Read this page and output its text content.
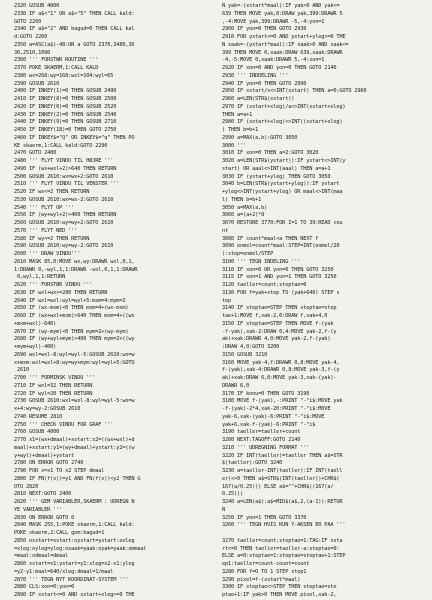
2320 GOSUB 4000
2330 IF a$<"1" OR a$>"5" THEN CALL kald:
GOTO 2260
2340 IF a$="2" AND bagud=0 THEN CALL kal
d:GOTO 2260
2350 a=ASC(a$)-48:ON a GOTO 2370,3480,36
30,2510,1090
2360 ''' FORSTWR ROUTINE '''
2370 POKE SKAERM,1:CALL KALD
2380 wx=268:wy=168:wxl=104:wyl=65
2390 GOSUB 2610
2400 IF INKEY(1)=0 THEN GOSUB 2490
2410 IF INKEY(8)=0 THEN GOSUB 2500
2420 IF INKEY(0)=0 THEN GOSUB 2520
2430 IF INKEY(2)=0 THEN GOSUB 2540
2440 IF INKEY(9)=0 THEN GOSUB 2710
2450 IF INKEY(18)=0 THEN GOTO 2750
2460 IF INKEY$="Q" OR INKEY$="q" THEN PO
KE skaerm,1:CALL kald:GOTO 2290
2470 GOTO 2400
2480 ''' FLYT VINDU TIL HØJRE '''
2490 IF (wx+wxl+2)>640 THEN RETURN
2500 GOSUB 2610:wx=wx+2:GOTO 2610
2510 ''' FLYT VINDU TIL VENSTER '''
2520 IF wx<=2 THEN RETURN
2530 GOSUB 2610:wx=wx-2:GOTO 2610
2540 ''' FLYT OP '''
2550 IF (wy+wyl+2)>400 THEN RETURN
2560 GOSUB 2610:wy=wy+2:GOTO 2610
2570 ''' FLYT NED '''
2580 IF wy<=2 THEN RETURN
2590 GOSUB 2610:wy=wy-2:GOTO 2610
2600 ''' DRAW VINDU'''
2610 MASK 85,0:MOVE wx,wy:DRAWR wxl,0,1,
1:DRAWR 0,-wyl,1,1:DRAWR -wxl,0,1,1:DRAWR
0,wyl,1,1:RETURN
2620 ''' FORSTØR VINDU '''
2630 IF wxl+wx>=280 THEN RETURN
2640 IF wxl=wxl:wyl=wyl+5:mxm=4:mym=2
2650 IF (wx-mxm)<0 THEN mxm=4+(wx-mxm)
2660 IF (wx+wxl+mxm)>640 THEN mxm=4+((wx
+mxm+wxl)-640)
2670 IF (wy-mym)<0 THEN mym=2+(wy-mym)
2680 IF (wy+wyl+mym)>400 THEN mym=2+((wy
+mym+wyl)-400)
2690 wxl=wxl-8:wyl=wyl-5:GOSUB 2610:wx=w
x+mxm:wxl=wxl+8:wy=wy+mym:wyl=wyl+5:GOTO
2610
2700 ''' FORMINSK VINDU '''
2710 IF wxl=32 THEN RETURN
2720 IF wyl=20 THEN RETURN
2730 GOSUB 2610:wxl=wxl-8:wyl=wyl-5:wx=w
x+4:wy=wy-2:GOSUB 2610
2740 RESUME 2810
2750 ''' CHECK VINDU FOR GRAF '''
2760 GOSUB 4000
2770 x1=(wx+dmaal)+xstart:x2=((wx+wxl)+d
maal)+xstart:y1=(wy+dmaal)+ystart:y2=((w
y+wyl)+dmaal)+ystart
2780 ON ERROR GOTO 2740
2790 FOR x=x1 TO x2 STEP dmaal
2800 IF FN(f(x))=y1 AND FN(f(x))<y2 THEN G
OTO 2820
2810 NEXT:GOTO 2400
2820 ''' GEM VARIABLER,SKAERM : UDREGN N
YE VARIABLER '''
2830 ON ERROR GOTO 0
2840 MASK 255,1:POKE skaerm,1:CALL kald:
POKE skaerm,2:CALL gem:bagud=1
2850 oxstart=xstart:oystart=ystart:oxleg
=xleg:oyleg=yleg:oxaak=yaak:oyak=yaak:ommaal
=maal:odmaal=dmaal
2860 xstart=x1:ystart=y1:xleg=x2-x1:yleg
=y2-y1:maal=640/xleg:dmaal=1/maal
2870 ''' TEGN NYT KOORDINAT-SYSTEM '''
2880 CLS:xon=0:yon=0
2890 IF xstart<=0 AND xstart+xleg>=0 THE
N yak=-(xstart*maal):IF yak>0 AND yak<=
639 THEN MOVE yak,0:DRAW yak,399:DRAWR 5
,-4:MOVE yak,399:DRAWR -5,-4:yon=1
2900 IF yon=0 THEN GOTO 2930
2910 FOR ystart<=0 AND ystart+yleg>=0 THE
N xaak=-(ystart*maal):IF xaak>0 AND xaak<=
399 THEN MOVE 0,xaak:DRAW 639,xaak:DRAWR
-4,-5:MOVE 0,xaak:DRAWR 5,-4:xon=1
2920 IF xon=0 AND yon=0 THEN GOTO 2140
2930 ''' INDDELING '''
2940 IF yon=0 THEN GOTO 2990
2950 IF xstart/x<>INT(xstart) THEN a=0:GOTO 2960
2960 a=LEN(STR$(xstart))
2970 IF (xstart+xleg)/a<>INT(xstart+xleg)
THEN a=a+1
2980 IF (xstart+xleg)<>INT((xstart+xleg)
) THEN b=b+1
2990 a=MAX(a,b):GOTO 3050
3000 '''
3010 IF xon=0 THEN a=2:GOTO 3020
3020 a=LEN(STR$(ystart)):IF ystart<>INT(y
start) OR aaal<>INT(aaal) THEN a=a+1
3030 IF (ystart+yleg) THEN GOTO 3050
3040 b=LEN(STR$(ystart+yleg)):IF ystart
+yleg<>INT(ystart+yleg) OR maal<>INT(maa
l) THEN b=b+1
3050 a=MAX(a,b)
3060 a=(a+2)*8
3070 RESTORE 3770:FOR I=1 TO 39:READ cou
nt
3080 IF count*maal<a THEN NEXT f
3090 enmel=count*maal:STEP=INT(enmel/20
):step=enmel/STEP
3100 ''' TEGN INDELING '''
3110 IF xon=0 OR yon=0 THEN GOTO 3250
3115 IF xon=1 AND yon=1 THEN GOTO 3250
3120 taeller=count:steptae=0
3130 FOR f=yak+step TO (yak+640) STEP s
tep
3140 IF steptae=STEP THEN steptae=step
tae+1:MOVE f,xak-2,0:DRAW f,xak+4,0
3150 IF steptae=STEP THEN MOVE f-(yak
-f-yak),xak-2:DRAW 0,4:MOVE yak-2,f-(y
ak)+xak:DRAWR 4,0:MOVE yak-2,f-(yak)
:DRAW 4,0:GOTO 3200
3150 GOSUB 3210
3160 MOVE yak-4,f:DRAWR 0,8:MOVE yak-4,
f-(yak),xak-4:DRAWR 0,8:MOVE yak-3,f-(y
ak)+xak:DRAW 6,0:MOVE yak-3,xak-(yak)-
DRAWR 6,0
3170 IF konu=0 THEN GOTO 3190
3180 MOVE f-(yak),-:PRINT "-"i$:MOVE yak
-f-(yak)-2*4,xak-20:PRINT "-"i$:MOVE
yak-6,xak-(yak)-6:PRINT "-"i$:MOVE
yak+6,xak-f-(yak)-6:PRINT "-"i$
3190 taeller=taeller+count
3200 NEXT:TAGOFF:GOTO 2140
3210 ''' UDREGNING FORMAT '''
3220 IF INT(taeller)=taeller THEN a$=STR
$(taeller):GOTO 3240
3230 a=taeller-INT(taeller):IF INT(taell
er)<>0 THEN a$=STR$(INT(taeller))+CHR$(
167(a/0.25))) ELSE a$=""+CHR$((167(a/
0.25)))
3240 a=LEN(a$):a$=MID$(a$,2,(a-1)):RETUR
N
3250 IF yon=1 THEN GOTO 3370
3260 ''' TEGN HVIS KUN Y-AKSEN ER PAA '''
3270 taeller=count:steptae=1:TAG:IF xsta
rt<=0 THEN taeller=taeller-a:steptae=0:
ELSE a=0:steptae=1:steptae=steptae+1:STEP
ep1:taeller=count-count=count
3280 FOR f=O TO 1 STEP step1
3290 pixel=f-(xstart*maal)
3300 IF steptae<>STEP THEN steptae=ste
ptae+1:IF yak>0 THEN MOVE pixel,xak-2,
